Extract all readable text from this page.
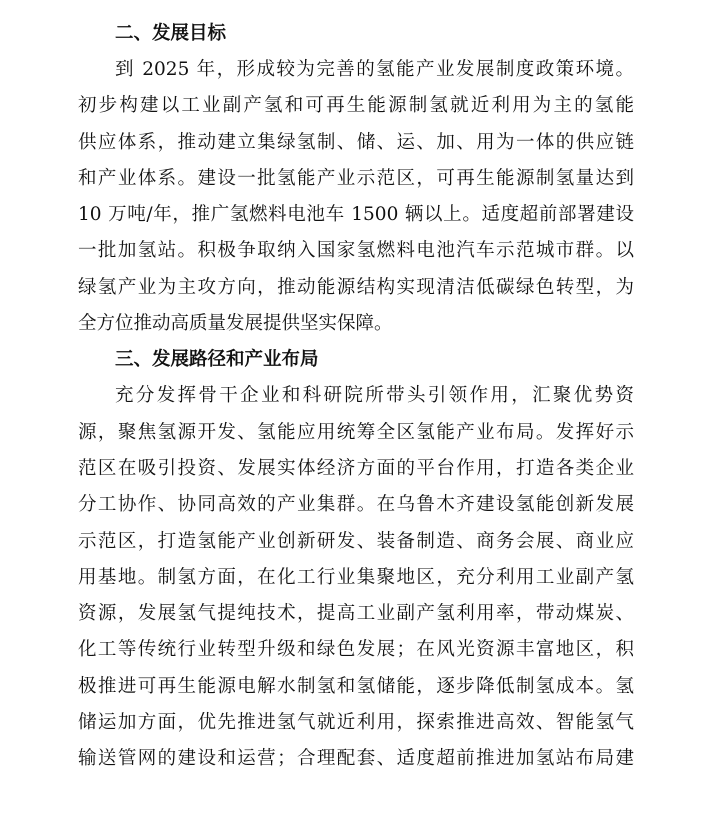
二、发展目标

到 2025 年，形成较为完善的氢能产业发展制度政策环境。
初步构建以工业副产氢和可再生能源制氢就近利用为主的氢能
供应体系，推动建立集绿氢制、储、运、加、用为一体的供应链
和产业体系。建设一批氢能产业示范区，可再生能源制氢量达到
10 万吨/年，推广氢燃料电池车 1500 辆以上。适度超前部署建设
一批加氢站。积极争取纳入国家氢燃料电池汽车示范城市群。以
绿氢产业为主攻方向，推动能源结构实现清洁低碳绿色转型，为
全方位推动高质量发展提供坚实保障。

三、发展路径和产业布局

充分发挥骨干企业和科研院所带头引领作用，汇聚优势资
源，聚焦氢源开发、氢能应用统筹全区氢能产业布局。发挥好示
范区在吸引投资、发展实体经济方面的平台作用，打造各类企业
分工协作、协同高效的产业集群。在乌鲁木齐建设氢能创新发展
示范区，打造氢能产业创新研发、装备制造、商务会展、商业应
用基地。制氢方面，在化工行业集聚地区，充分利用工业副产氢
资源，发展氢气提纯技术，提高工业副产氢利用率，带动煤炭、
化工等传统行业转型升级和绿色发展；在风光资源丰富地区，积
极推进可再生能源电解水制氢和氢储能，逐步降低制氢成本。氢
储运加方面，优先推进氢气就近利用，探索推进高效、智能氢气
输送管网的建设和运营；合理配套、适度超前推进加氢站布局建
